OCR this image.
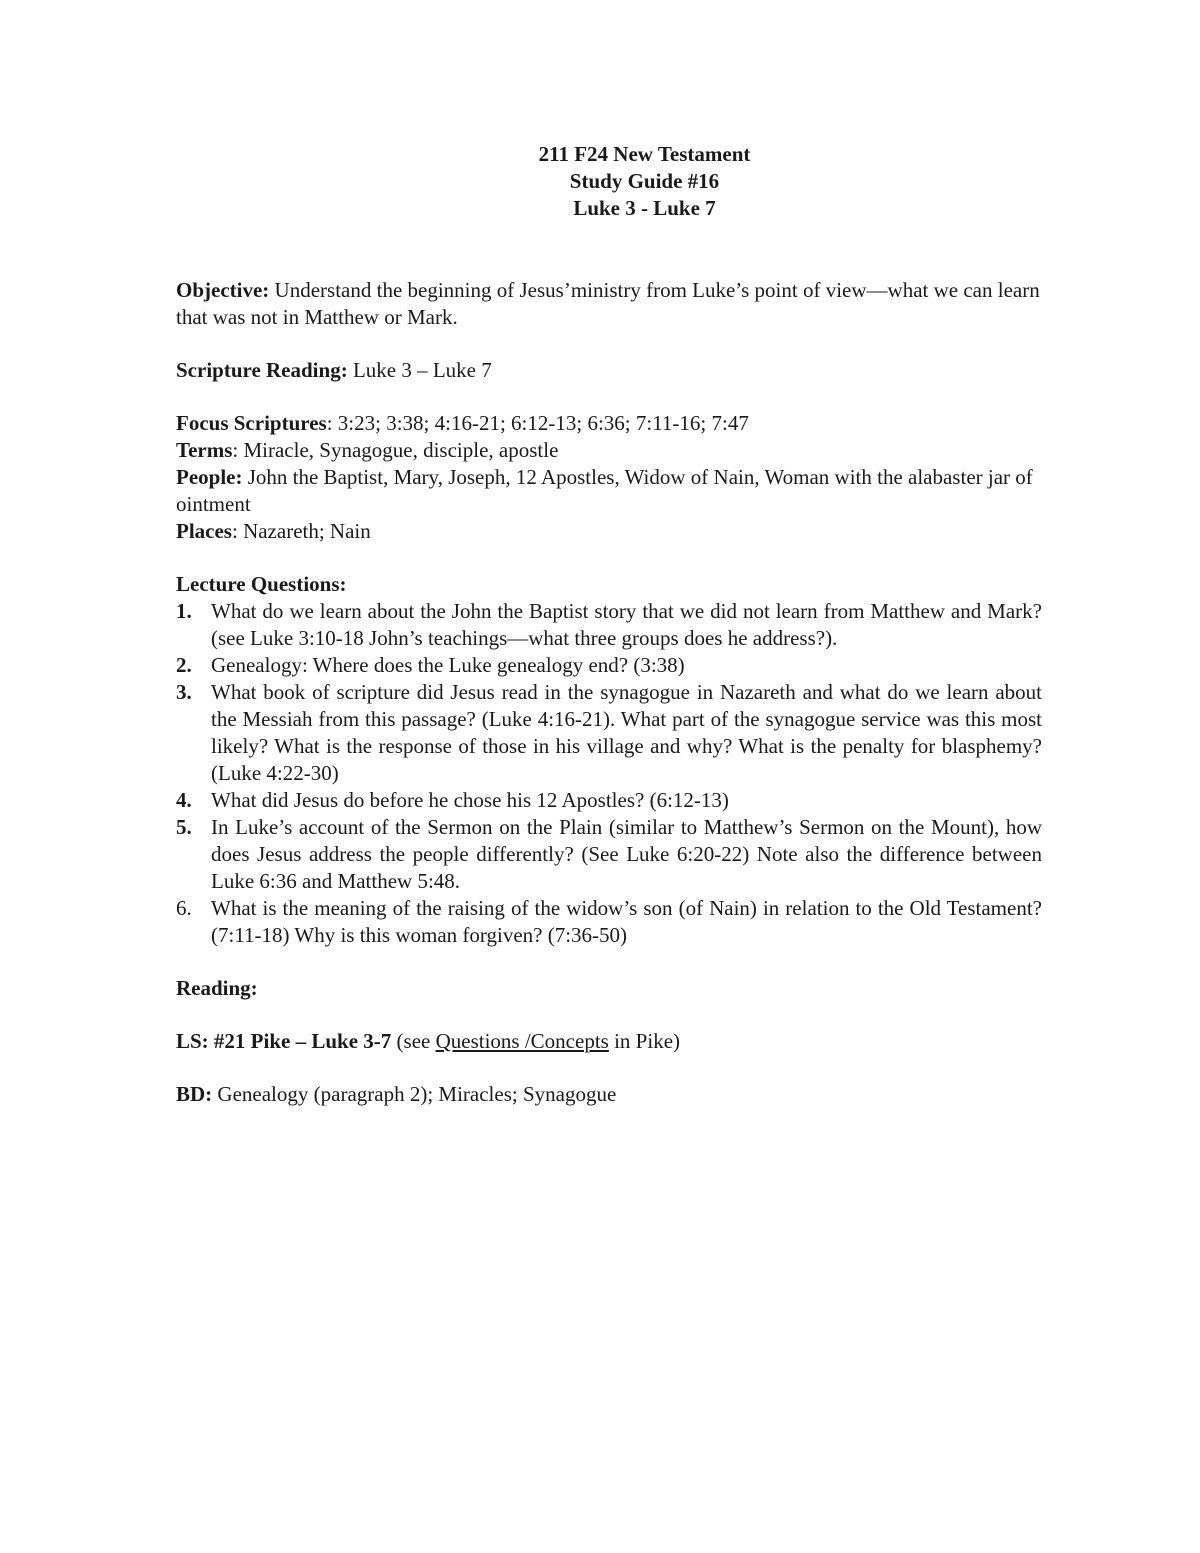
211 F24 New Testament
Study Guide #16
Luke 3 - Luke 7

Objective: Understand the beginning of Jesus’ministry from Luke’s point of view—what we can learn that was not in Matthew or Mark.

Scripture Reading: Luke 3 – Luke 7

Focus Scriptures: 3:23; 3:38; 4:16-21; 6:12-13; 6:36; 7:11-16; 7:47

Terms: Miracle, Synagogue, disciple, apostle

People: John the Baptist, Mary, Joseph, 12 Apostles, Widow of Nain, Woman with the alabaster jar of ointment

Places: Nazareth; Nain

Lecture Questions:

1. What do we learn about the John the Baptist story that we did not learn from Matthew and Mark?(see Luke 3:10-18 John’s teachings—what three groups does he address?).
2. Genealogy: Where does the Luke genealogy end? (3:38)
3. What book of scripture did Jesus read in the synagogue in Nazareth and what do we learn about the Messiah from this passage? (Luke 4:16-21). What part of the synagogue service was this most likely? What is the response of those in his village and why? What is the penalty for blasphemy? (Luke 4:22-30)
4. What did Jesus do before he chose his 12 Apostles? (6:12-13)
5. In Luke’s account of the Sermon on the Plain (similar to Matthew’s Sermon on the Mount), how does Jesus address the people differently? (See Luke 6:20-22) Note also the difference between Luke 6:36 and Matthew 5:48.
6. What is the meaning of the raising of the widow’s son (of Nain) in relation to the Old Testament? (7:11-18) Why is this woman forgiven? (7:36-50)

Reading:

LS: #21 Pike – Luke 3-7 (see Questions /Concepts in Pike)

BD: Genealogy (paragraph 2); Miracles; Synagogue
